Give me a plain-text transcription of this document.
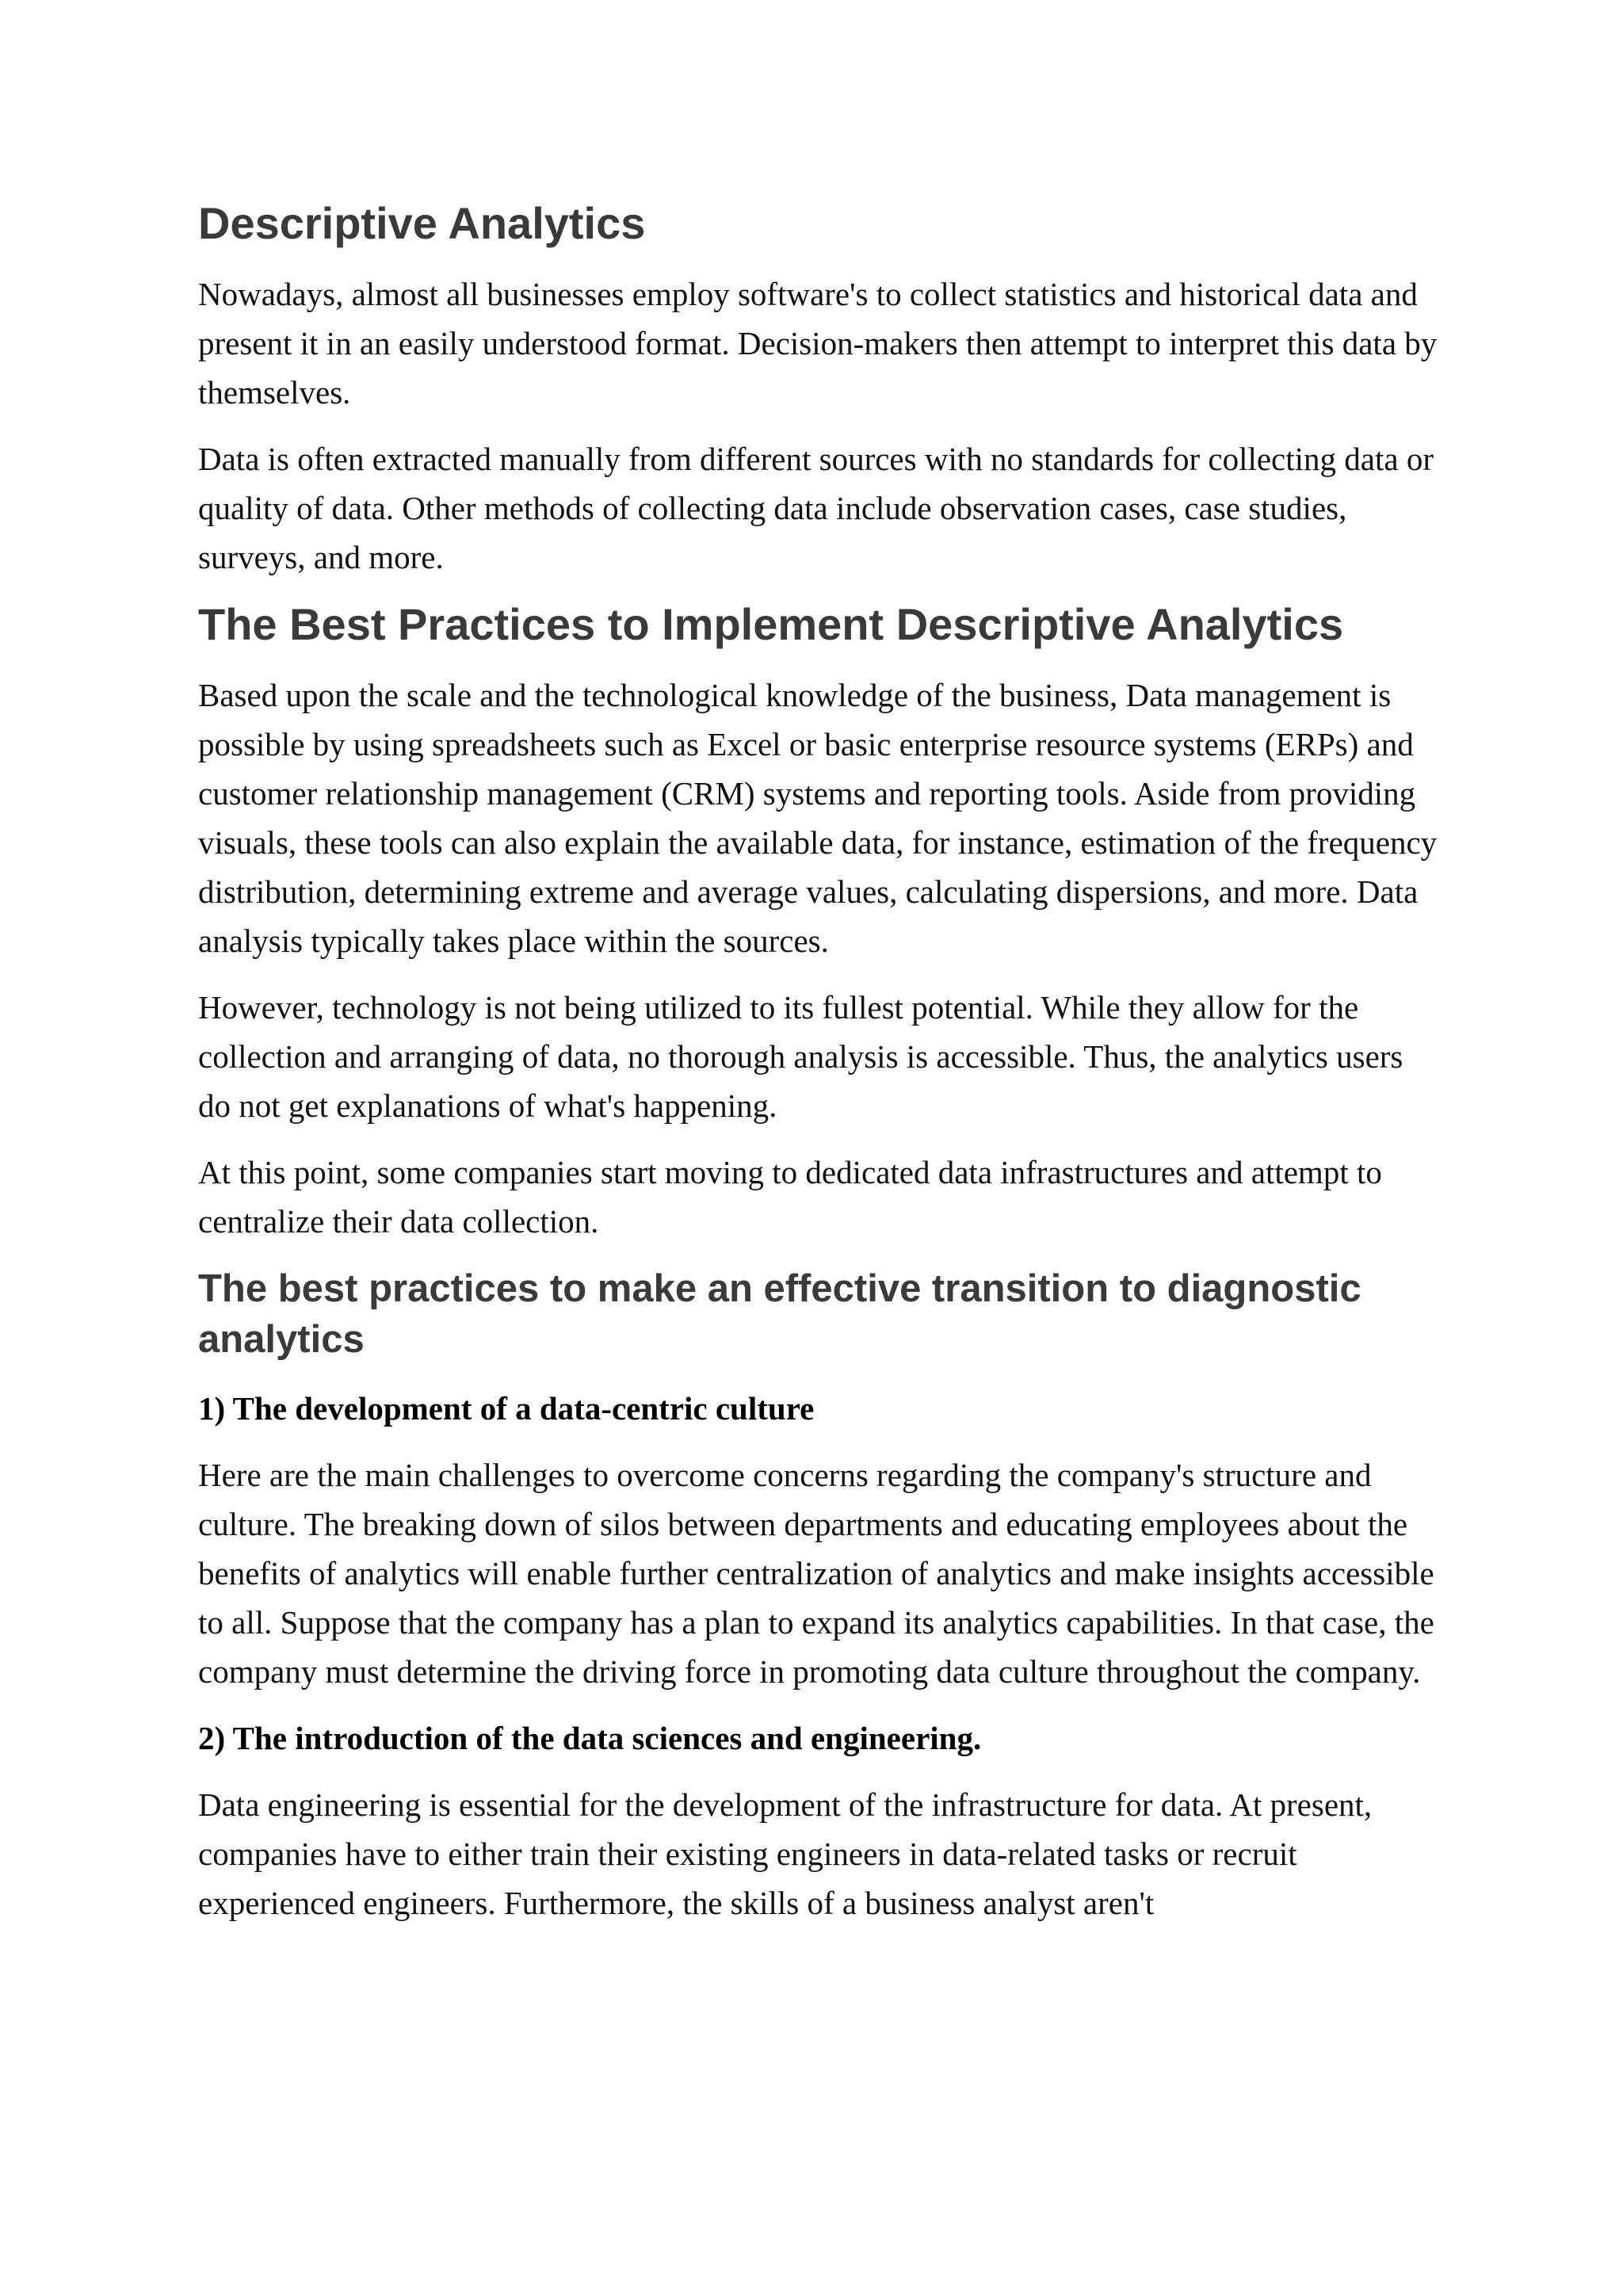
Descriptive Analytics

Nowadays, almost all businesses employ software's to collect statistics and historical data and present it in an easily understood format. Decision-makers then attempt to interpret this data by themselves.

Data is often extracted manually from different sources with no standards for collecting data or quality of data. Other methods of collecting data include observation cases, case studies, surveys, and more.

The Best Practices to Implement Descriptive Analytics

Based upon the scale and the technological knowledge of the business, Data management is possible by using spreadsheets such as Excel or basic enterprise resource systems (ERPs) and customer relationship management (CRM) systems and reporting tools. Aside from providing visuals, these tools can also explain the available data, for instance, estimation of the frequency distribution, determining extreme and average values, calculating dispersions, and more. Data analysis typically takes place within the sources.

However, technology is not being utilized to its fullest potential. While they allow for the collection and arranging of data, no thorough analysis is accessible. Thus, the analytics users do not get explanations of what's happening.

At this point, some companies start moving to dedicated data infrastructures and attempt to centralize their data collection.

The best practices to make an effective transition to diagnostic analytics
1) The development of a data-centric culture

Here are the main challenges to overcome concerns regarding the company's structure and culture. The breaking down of silos between departments and educating employees about the benefits of analytics will enable further centralization of analytics and make insights accessible to all. Suppose that the company has a plan to expand its analytics capabilities. In that case, the company must determine the driving force in promoting data culture throughout the company.

2) The introduction of the data sciences and engineering.

Data engineering is essential for the development of the infrastructure for data. At present, companies have to either train their existing engineers in data-related tasks or recruit experienced engineers. Furthermore, the skills of a business analyst aren't
